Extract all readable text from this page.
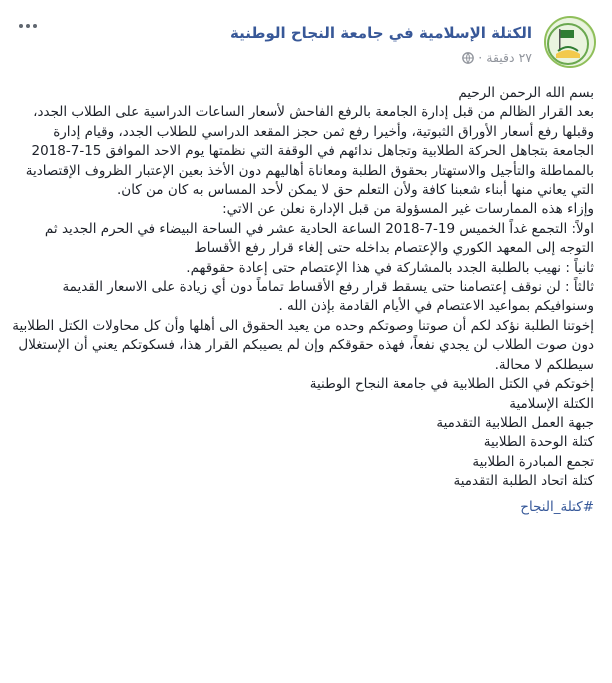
الكتلة الإسلامية في جامعة النجاح الوطنية
٢٧ دقيقة
·

بسم الله الرحمن الرحيم

بعد القرار الظالم من قبل إدارة الجامعة بالرفع الفاحش لأسعار الساعات الدراسية على الطلاب الجدد، وقبلها رفع أسعار الأوراق الثبوتية، وأخيرا رفع ثمن حجز المقعد الدراسي للطلاب الجدد، وقيام إدارة الجامعة بتجاهل الحركة الطلابية وتجاهل ندائهم في الوقفة التي نظمتها يوم الاحد الموافق 15-7-2018 بالمماطلة والتأجيل والاستهتار بحقوق الطلبة ومعاناة أهاليهم دون الأخذ بعين الإعتبار الظروف الإقتصادية التي يعاني منها أبناء شعبنا كافة ولأن التعلم حق لا يمكن لأحد المساس به كان من كان.

وإزاء هذه الممارسات غير المسؤولة من قبل الإدارة نعلن عن الاتي:

اولاً: التجمع غداً الخميس 19-7-2018 الساعة الحادية عشر في الساحة البيضاء في الحرم الجديد ثم التوجه إلى المعهد الكوري والإعتصام بداخله حتى إلغاء قرار رفع الأقساط

ثانياً : نهيب بالطلبة الجدد بالمشاركة في هذا الإعتصام حتى إعادة حقوقهم.

ثالثاً : لن نوقف إعتصامنا حتى يسقط قرار رفع الأقساط تماماً دون أي زيادة على الاسعار القديمة وسنوافيكم بمواعيد الاعتصام في الأيام القادمة بإذن الله .

إخوتنا الطلبة نؤكد لكم أن صوتنا وصوتكم وحده من يعيد الحقوق الى أهلها وأن كل محاولات الكتل الطلابية دون صوت الطلاب لن يجدي نفعاً، فهذه حقوقكم وإن لم يصيبكم القرار هذا، فسكوتكم يعني أن الإستغلال سيطلكم لا محالة.

إخوتكم في الكتل الطلابية في جامعة النجاح الوطنية

الكتلة الإسلامية

جبهة العمل الطلابية التقدمية

كتلة الوحدة الطلابية

تجمع المبادرة الطلابية

كتلة اتحاد الطلبة التقدمية

#كتلة_النجاح
